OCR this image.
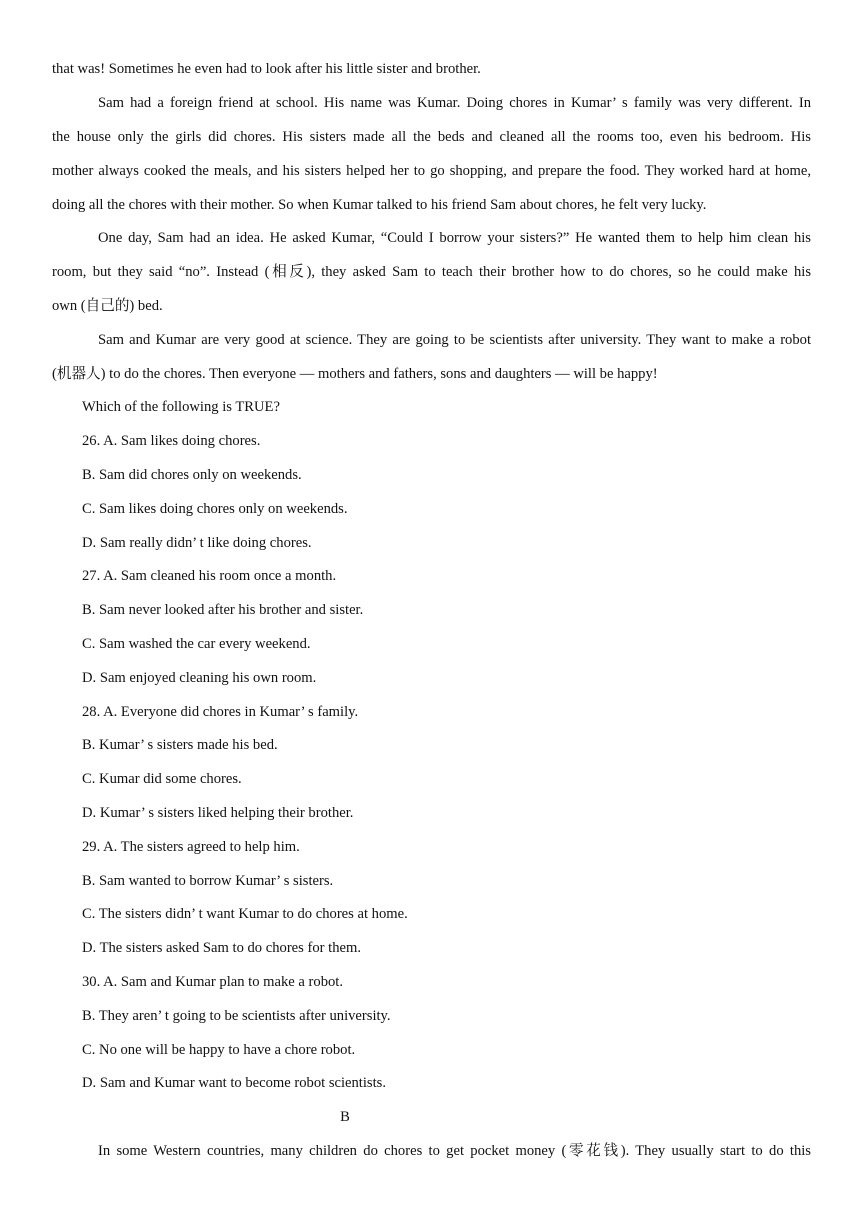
that was! Sometimes he even had to look after his little sister and brother.
Sam had a foreign friend at school. His name was Kumar. Doing chores in Kumar’ s family was very different. In
the house only the girls did chores. His sisters made all the beds and cleaned all the rooms too, even his bedroom. His
mother always cooked the meals, and his sisters helped her to go shopping, and prepare the food. They worked hard at home,
doing all the chores with their mother. So when Kumar talked to his friend Sam about chores, he felt very lucky.
One day, Sam had an idea. He asked Kumar, “Could I borrow your sisters?” He wanted them to help him clean his
room, but they said “no”. Instead (相反), they asked Sam to teach their brother how to do chores, so he could make his
own (自己的) bed.
Sam and Kumar are very good at science. They are going to be scientists after university. They want to make a robot
(机器人) to do the chores. Then everyone — mothers and fathers, sons and daughters — will be happy!
Which of the following is TRUE?
26. A. Sam likes doing chores.
B. Sam did chores only on weekends.
C. Sam likes doing chores only on weekends.
D. Sam really didn’ t like doing chores.
27. A. Sam cleaned his room once a month.
B. Sam never looked after his brother and sister.
C. Sam washed the car every weekend.
D. Sam enjoyed cleaning his own room.
28. A. Everyone did chores in Kumar’ s family.
B. Kumar’ s sisters made his bed.
C. Kumar did some chores.
D. Kumar’ s sisters liked helping their brother.
29. A. The sisters agreed to help him.
B. Sam wanted to borrow Kumar’ s sisters.
C. The sisters didn’ t want Kumar to do chores at home.
D. The sisters asked Sam to do chores for them.
30. A. Sam and Kumar plan to make a robot.
B. They aren’ t going to be scientists after university.
C. No one will be happy to have a chore robot.
D. Sam and Kumar want to become robot scientists.
B
In some Western countries, many children do chores to get pocket money (零花钱). They usually start to do this
